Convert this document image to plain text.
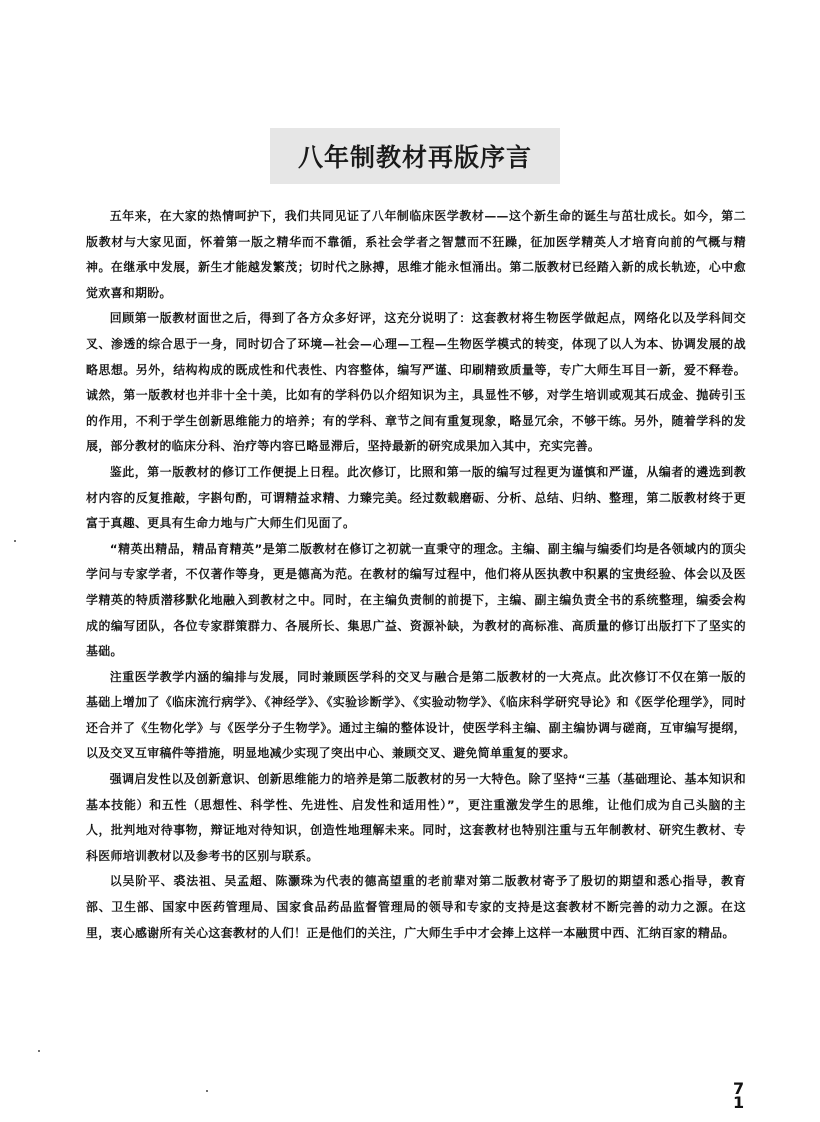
八年制教材再版序言

五年来，在大家的热情呵护下，我们共同见证了八年制临床医学教材——这个新生命的诞生与茁壮成长。如今，第二版教材与大家见面，怀着第一版之精华而不靠循，系社会学者之智慧而不狂躁，征加医学精英人才培育向前的气概与精神。在继承中发展，新生才能越发繁茂；切时代之脉搏，思维才能永恒涌出。第二版教材已经踏入新的成长轨迹，心中愈觉欢喜和期盼。

回顾第一版教材面世之后，得到了各方众多好评，这充分说明了：这套教材将生物医学做起点，网络化以及学科间交叉、渗透的综合思于一身，同时切合了环境—社会—心理—工程—生物医学模式的转变，体现了以人为本、协调发展的战略思想。另外，结构构成的既成性和代表性、内容整体，编写严谨、印刷精致质量等，专广大师生耳目一新，爱不释卷。诚然，第一版教材也并非十全十美，比如有的学科仍以介绍知识为主，具显性不够，对学生培训或观其石成金、抛砖引玉的作用，不利于学生创新思维能力的培养；有的学科、章节之间有重复现象，略显冗余，不够干练。另外，随着学科的发展，部分教材的临床分科、治疗等内容已略显滞后，坚持最新的研究成果加入其中，充实完善。

鉴此，第一版教材的修订工作便提上日程。此次修订，比照和第一版的编写过程更为谨慎和严谨，从编者的遴选到教材内容的反复推敲，字斟句酌，可谓精益求精、力臻完美。经过数载磨砺、分析、总结、归纳、整理，第二版教材终于更富于真趣、更具有生命力地与广大师生们见面了。

“精英出精品，精品育精英”是第二版教材在修订之初就一直秉守的理念。主编、副主编与编委们均是各领域内的顶尖学问与专家学者，不仅著作等身，更是德高为范。在教材的编写过程中，他们将从医执教中积累的宝贵经验、体会以及医学精英的特质潜移默化地融入到教材之中。同时，在主编负责制的前提下，主编、副主编负责全书的系统整理，编委会构成的编写团队，各位专家群策群力、各展所长、集思广益、资源补缺，为教材的高标准、高质量的修订出版打下了坚实的基础。

注重医学教学内涵的编排与发展，同时兼顾医学科的交叉与融合是第二版教材的一大亮点。此次修订不仅在第一版的基础上增加了《临床流行病学》、《神经学》、《实验诊断学》、《实验动物学》、《临床科学研究导论》和《医学伦理学》，同时还合并了《生物化学》与《医学分子生物学》。通过主编的整体设计，使医学科主编、副主编协调与磋商，互审编写提纲，以及交叉互审稿件等措施，明显地减少实现了突出中心、兼顾交叉、避免简单重复的要求。

强调启发性以及创新意识、创新思维能力的培养是第二版教材的另一大特色。除了坚持“三基（基础理论、基本知识和基本技能）和五性（思想性、科学性、先进性、启发性和适用性）”，更注重激发学生的思维，让他们成为自己头脑的主人，批判地对待事物，辩证地对待知识，创造性地理解未来。同时，这套教材也特别注重与五年制教材、研究生教材、专科医师培训教材以及参考书的区别与联系。

以吴阶平、裘法祖、吴孟超、陈灏珠为代表的德高望重的老前辈对第二版教材寄予了殷切的期望和悉心指导，教育部、卫生部、国家中医药管理局、国家食品药品监督管理局的领导和专家的支持是这套教材不断完善的动力之源。在这里，衷心感谢所有关心这套教材的人们！正是他们的关注，广大师生手中才会捧上这样一本融贯中西、汇纳百家的精品。

7
1
